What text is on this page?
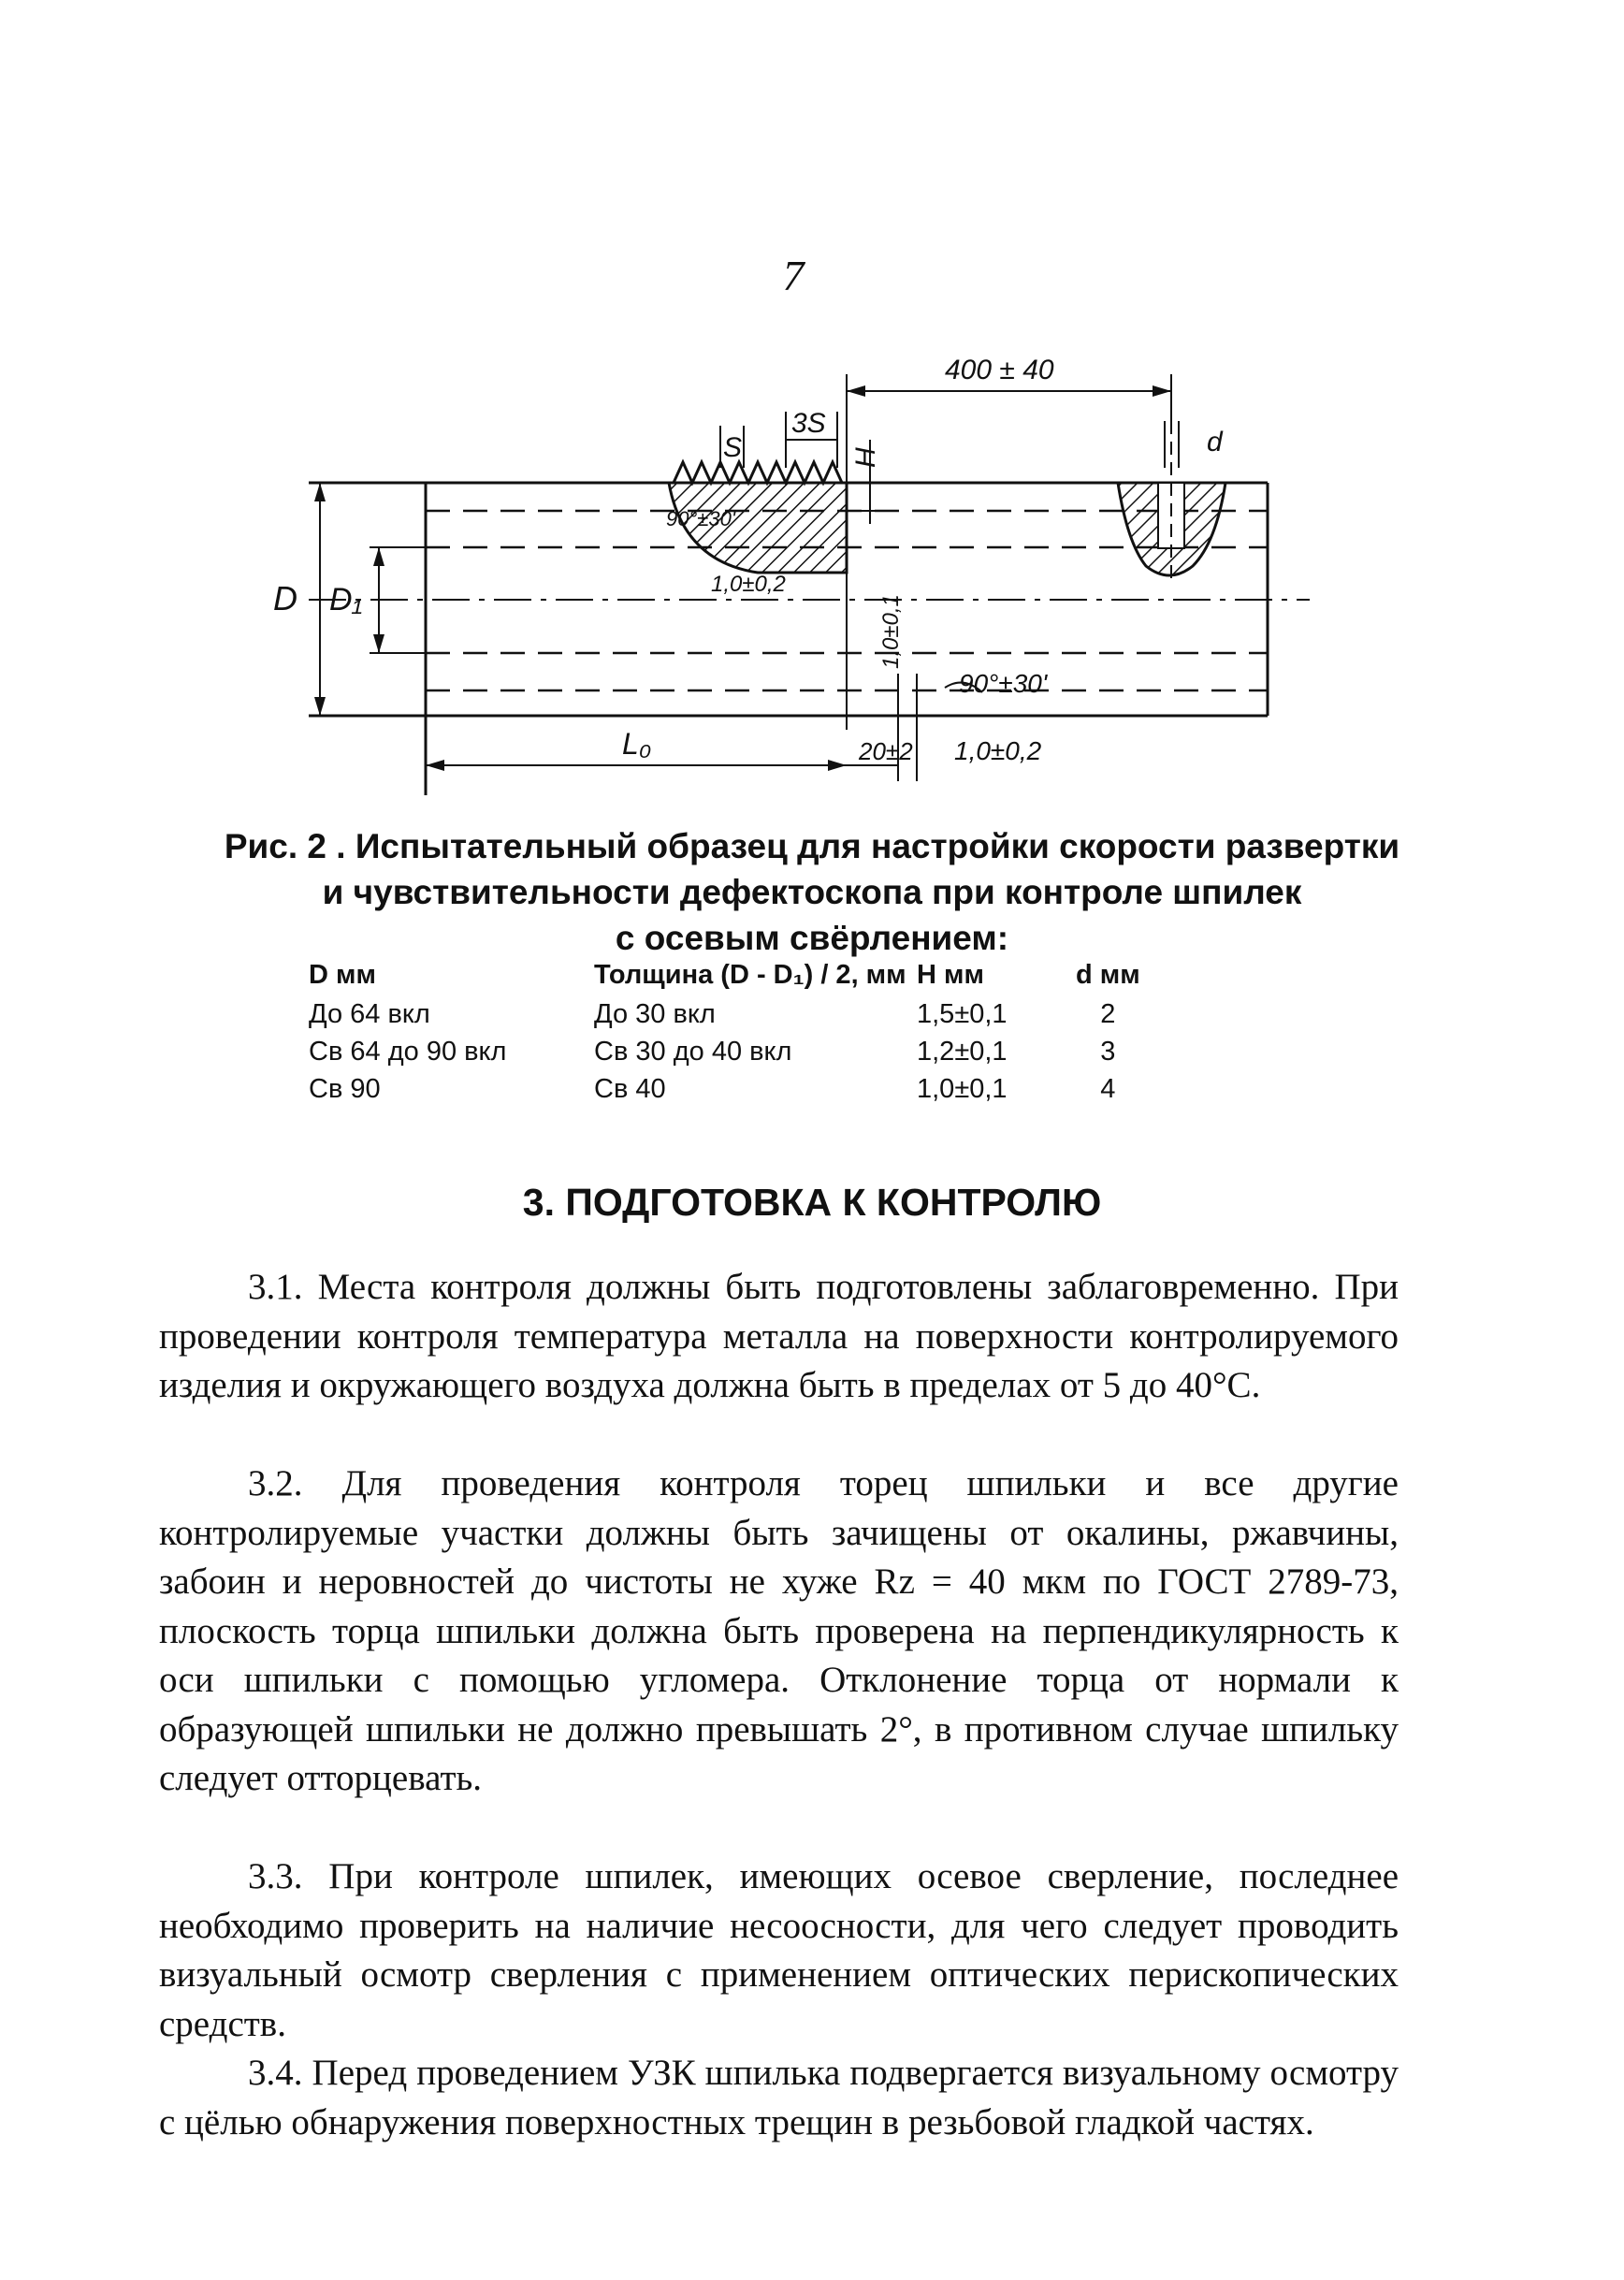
7
400 ± 40
S
3S
H
d
90°±30'
1,0±0,2
D D₁	1,0±0,1
90°±30'
L₀	20±2 1,0±0,2
Рис. 2 . Испытательный образец для настройки скорости развертки
и чувствительности дефектоскопа при контроле шпилек
с осевым свёрлением:
D мм	Толщина (D - D₁) / 2, мм	H мм	d мм
До 64 вкл	До 30 вкл	1,5±0,1	2
Св 64 до 90 вкл	Св 30 до 40 вкл	1,2±0,1	3
Св 90	Св 40	1,0±0,1	4
3. ПОДГОТОВКА К КОНТРОЛЮ

3.1. Места контроля должны быть подготовлены заблаговременно. При проведении контроля температура металла на поверхности контролируемого изделия и окружающего воздуха должна быть в пределах от 5 до 40°С.

3.2. Для проведения контроля торец шпильки и все другие контролируемые участки должны быть зачищены от окалины, ржавчины, забоин и неровностей до чистоты не хуже Rz = 40 мкм по ГОСТ 2789-73, плоскость торца шпильки должна быть проверена на перпендикулярность к оси шпильки с помощью угломера. Отклонение торца от нормали к образующей шпильки не должно превышать 2°, в противном случае шпильку следует отторцевать.

3.3. При контроле шпилек, имеющих осевое сверление, последнее необходимо проверить на наличие несоосности, для чего следует проводить визуальный осмотр сверления с применением оптических перископических средств.

3.4. Перед проведением УЗК шпилька подвергается визуальному осмотру с цёлью обнаружения поверхностных трещин в резьбовой гладкой частях.
